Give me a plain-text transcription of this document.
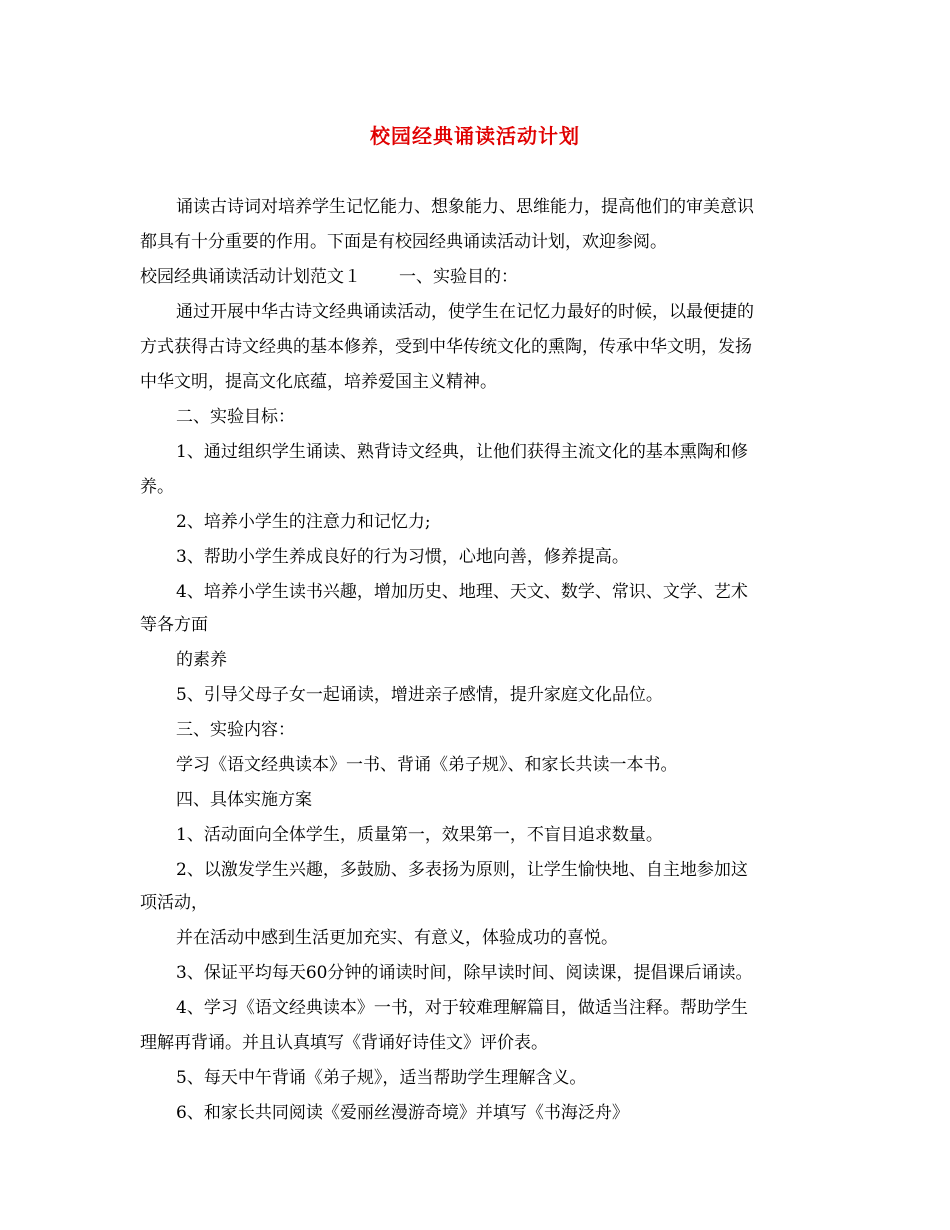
校园经典诵读活动计划
诵读古诗词对培养学生记忆能力、想象能力、思维能力，提高他们的审美意识
都具有十分重要的作用。下面是有校园经典诵读活动计划，欢迎参阅。
校园经典诵读活动计划范文１ 一、实验目的：
通过开展中华古诗文经典诵读活动，使学生在记忆力最好的时候，以最便捷的
方式获得古诗文经典的基本修养，受到中华传统文化的熏陶，传承中华文明，发扬
中华文明，提高文化底蕴，培养爱国主义精神。
二、实验目标：
1、通过组织学生诵读、熟背诗文经典，让他们获得主流文化的基本熏陶和修
养。
2、培养小学生的注意力和记忆力;
3、帮助小学生养成良好的行为习惯，心地向善，修养提高。
4、培养小学生读书兴趣，增加历史、地理、天文、数学、常识、文学、艺术
等各方面
的素养
5、引导父母子女一起诵读，增进亲子感情，提升家庭文化品位。
三、实验内容：
学习《语文经典读本》一书、背诵《弟子规》、和家长共读一本书。
四、具体实施方案
1、活动面向全体学生，质量第一，效果第一，不盲目追求数量。
2、以激发学生兴趣，多鼓励、多表扬为原则，让学生愉快地、自主地参加这
项活动，
并在活动中感到生活更加充实、有意义，体验成功的喜悦。
3、保证平均每天60分钟的诵读时间，除早读时间、阅读课，提倡课后诵读。
4、学习《语文经典读本》一书，对于较难理解篇目，做适当注释。帮助学生
理解再背诵。并且认真填写《背诵好诗佳文》评价表。
5、每天中午背诵《弟子规》，适当帮助学生理解含义。
6、和家长共同阅读《爱丽丝漫游奇境》并填写《书海泛舟》
